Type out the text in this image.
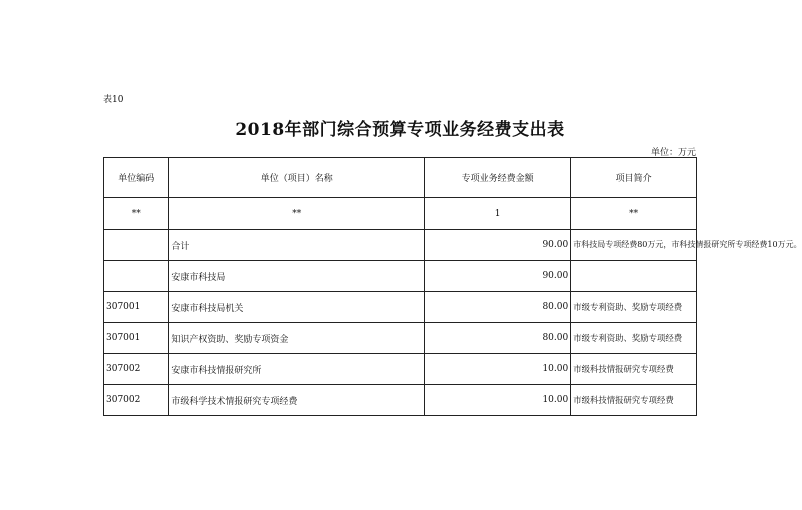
表10
2018年部门综合预算专项业务经费支出表
单位：万元
单位编码	单位（项目）名称	专项业务经费金额	项目简介
**	**	1	**
	合计	90.00	市科技局专项经费80万元，市科技情报研究所专项经费10万元。
	安康市科技局	90.00	
307001	安康市科技局机关	80.00	市级专利资助、奖励专项经费
307001	知识产权资助、奖励专项资金	80.00	市级专利资助、奖励专项经费
307002	安康市科技情报研究所	10.00	市级科技情报研究专项经费
307002	市级科学技术情报研究专项经费	10.00	市级科技情报研究专项经费
